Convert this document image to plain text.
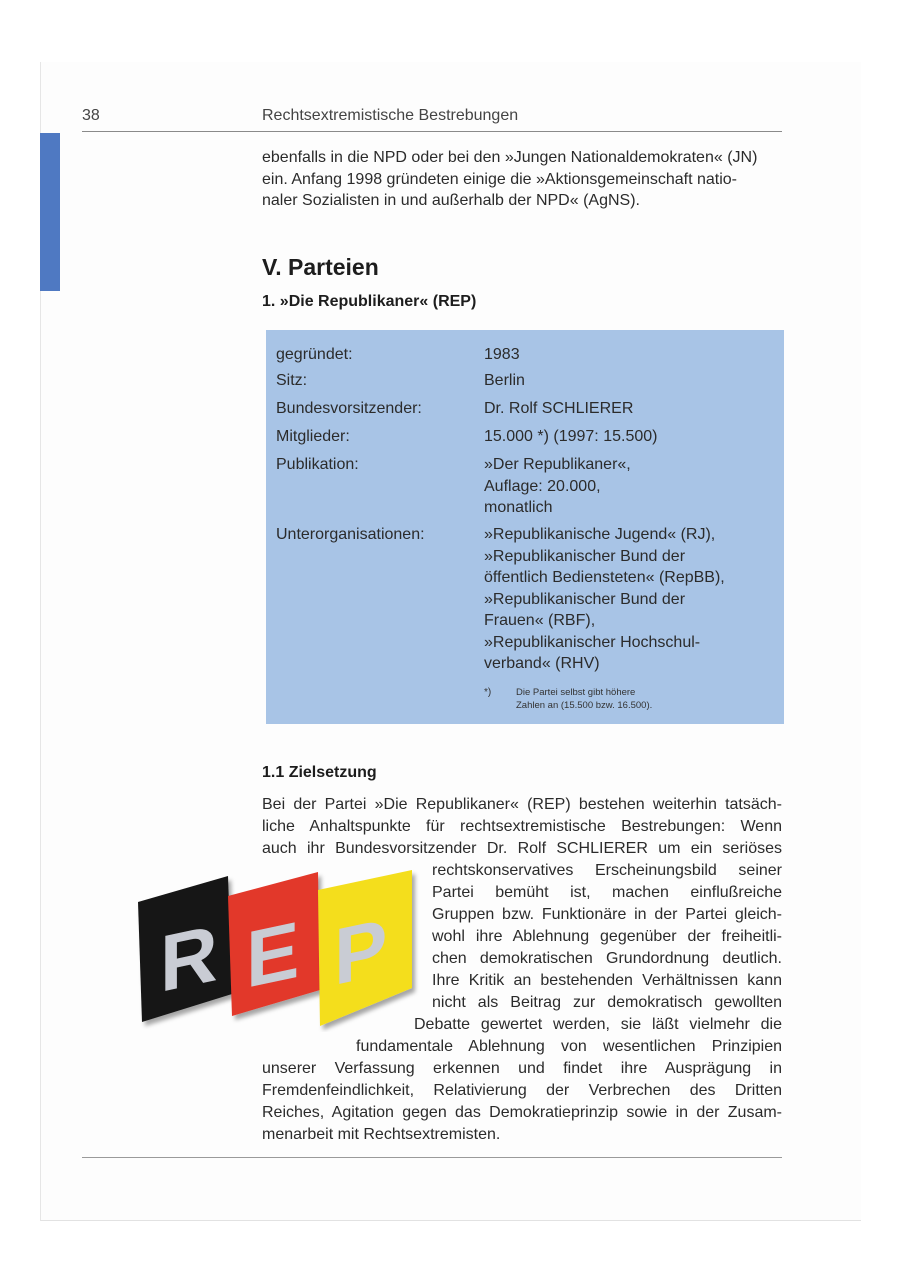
38	Rechtsextremistische Bestrebungen
ebenfalls in die NPD oder bei den »Jungen Nationaldemokraten« (JN)
ein. Anfang 1998 gründeten einige die »Aktionsgemeinschaft natio-
naler Sozialisten in und außerhalb der NPD« (AgNS).
V. Parteien
1. »Die Republikaner« (REP)
gegründet:	1983
Sitz:	Berlin
Bundesvorsitzender:	Dr. Rolf SCHLIERER
Mitglieder:	15.000 *) (1997: 15.500)
Publikation:	»Der Republikaner«,
Auflage: 20.000,
monatlich
Unterorganisationen:	»Republikanische Jugend« (RJ),
»Republikanischer Bund der
öffentlich Bediensteten« (RepBB),
»Republikanischer Bund der
Frauen« (RBF),
»Republikanischer Hochschul-
verband« (RHV)
*)	Die Partei selbst gibt höhere
Zahlen an (15.500 bzw. 16.500).
1.1 Zielsetzung
Bei der Partei »Die Republikaner« (REP) bestehen weiterhin tatsäch-
liche Anhaltspunkte für rechtsextremistische Bestrebungen: Wenn
auch ihr Bundesvorsitzender Dr. Rolf SCHLIERER um ein seriöses
rechtskonservatives Erscheinungsbild seiner
Partei bemüht ist, machen einflußreiche
Gruppen bzw. Funktionäre in der Partei gleich-
wohl ihre Ablehnung gegenüber der freiheitli-
chen demokratischen Grundordnung deutlich.
Ihre Kritik an bestehenden Verhältnissen kann
nicht als Beitrag zur demokratisch gewollten
Debatte gewertet werden, sie läßt vielmehr die
fundamentale Ablehnung von wesentlichen Prinzipien
unserer Verfassung erkennen und findet ihre Ausprägung in
Fremdenfeindlichkeit, Relativierung der Verbrechen des Dritten
Reiches, Agitation gegen das Demokratieprinzip sowie in der Zusam-
menarbeit mit Rechtsextremisten.
R E P
